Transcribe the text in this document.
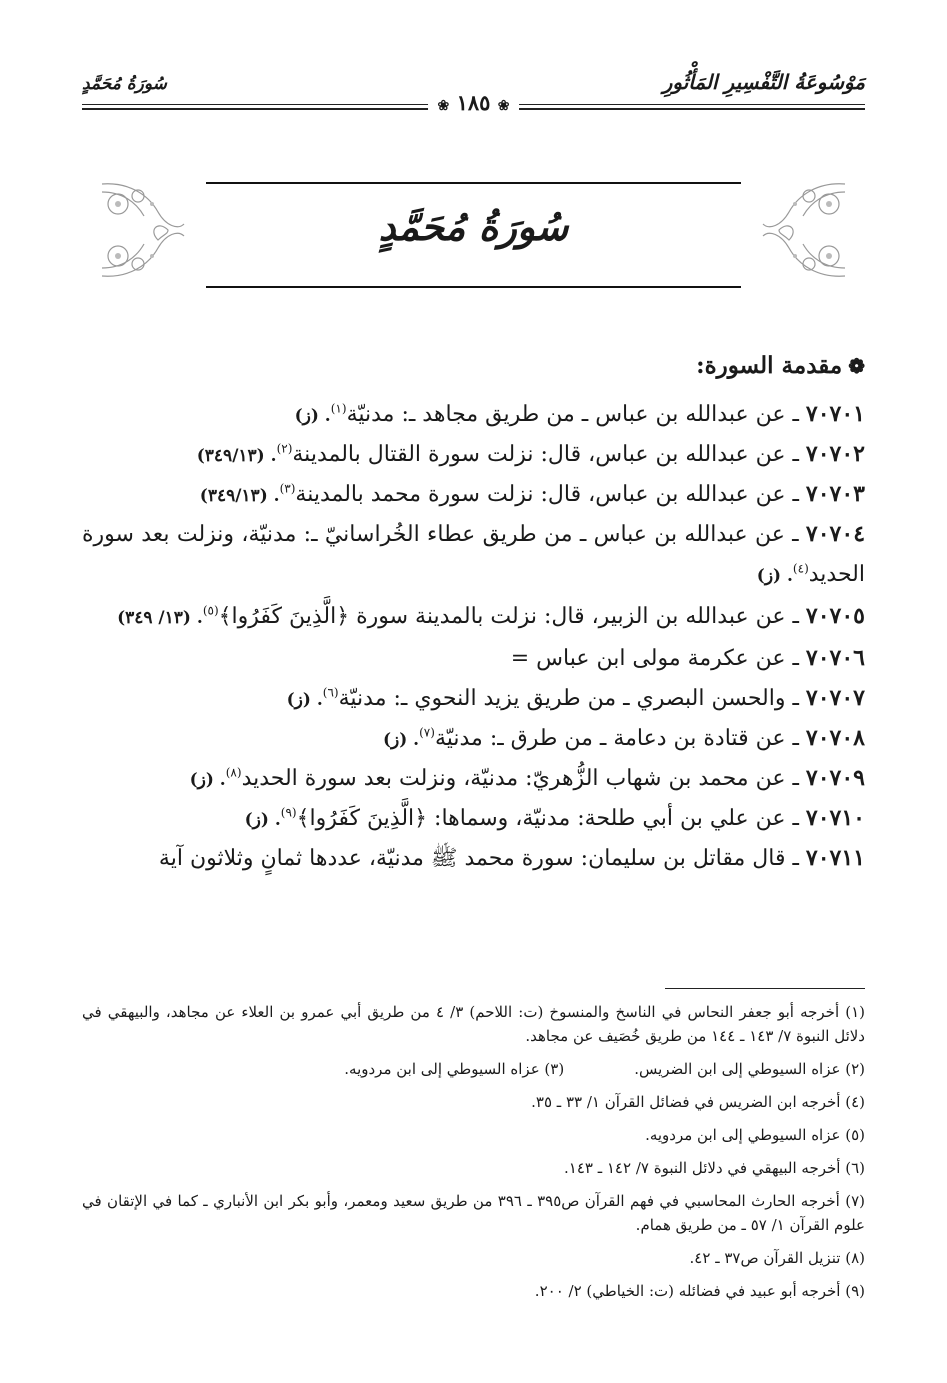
مَوْسُوعَةُ التَّفْسِيرِ المَأْثُورِ
سُورَةُ مُحَمَّدٍ
❀ ١٨٥ ❀
سُورَةُ مُحَمَّدٍ
❁مقدمة السورة:
٧٠٧٠١ ـ عن عبدالله بن عباس ـ من طريق مجاهد ـ: مدنيّة$^{(١)}$. (ز)
٧٠٧٠٢ ـ عن عبدالله بن عباس، قال: نزلت سورة القتال بالمدينة$^{(٢)}$. (٣٤٩/١٣)
٧٠٧٠٣ ـ عن عبدالله بن عباس، قال: نزلت سورة محمد بالمدينة$^{(٣)}$. (٣٤٩/١٣)
٧٠٧٠٤ ـ عن عبدالله بن عباس ـ من طريق عطاء الخُراسانيّ ـ: مدنيّة، ونزلت بعد سورة الحديد$^{(٤)}$. (ز)
٧٠٧٠٥ ـ عن عبدالله بن الزبير، قال: نزلت بالمدينة سورة ﴿الَّذِينَ كَفَرُوا﴾$^{(٥)}$. (١٣/ ٣٤٩)
٧٠٧٠٦ ـ عن عكرمة مولى ابن عباس =
٧٠٧٠٧ ـ والحسن البصري ـ من طريق يزيد النحوي ـ: مدنيّة$^{(٦)}$. (ز)
٧٠٧٠٨ ـ عن قتادة بن دعامة ـ من طرق ـ: مدنيّة$^{(٧)}$. (ز)
٧٠٧٠٩ ـ عن محمد بن شهاب الزُّهريّ: مدنيّة، ونزلت بعد سورة الحديد$^{(٨)}$. (ز)
٧٠٧١٠ ـ عن علي بن أبي طلحة: مدنيّة، وسماها: ﴿الَّذِينَ كَفَرُوا﴾$^{(٩)}$. (ز)
٧٠٧١١ ـ قال مقاتل بن سليمان: سورة محمد ﷺ مدنيّة، عددها ثمانٍ وثلاثون آية
(١) أخرجه أبو جعفر النحاس في الناسخ والمنسوخ (ت: اللاحم) ٣/ ٤ من طريق أبي عمرو بن العلاء عن مجاهد، والبيهقي في دلائل النبوة ٧/ ١٤٣ ـ ١٤٤ من طريق خُصَيف عن مجاهد.
(٢) عزاه السيوطي إلى ابن الضريس.
(٣) عزاه السيوطي إلى ابن مردويه.
(٤) أخرجه ابن الضريس في فضائل القرآن ١/ ٣٣ ـ ٣٥.
(٥) عزاه السيوطي إلى ابن مردويه.
(٦) أخرجه البيهقي في دلائل النبوة ٧/ ١٤٢ ـ ١٤٣.
(٧) أخرجه الحارث المحاسبي في فهم القرآن ص٣٩٥ ـ ٣٩٦ من طريق سعيد ومعمر، وأبو بكر ابن الأنباري ـ كما في الإتقان في علوم القرآن ١/ ٥٧ ـ من طريق همام.
(٨) تنزيل القرآن ص٣٧ ـ ٤٢.
(٩) أخرجه أبو عبيد في فضائله (ت: الخياطي) ٢/ ٢٠٠.
